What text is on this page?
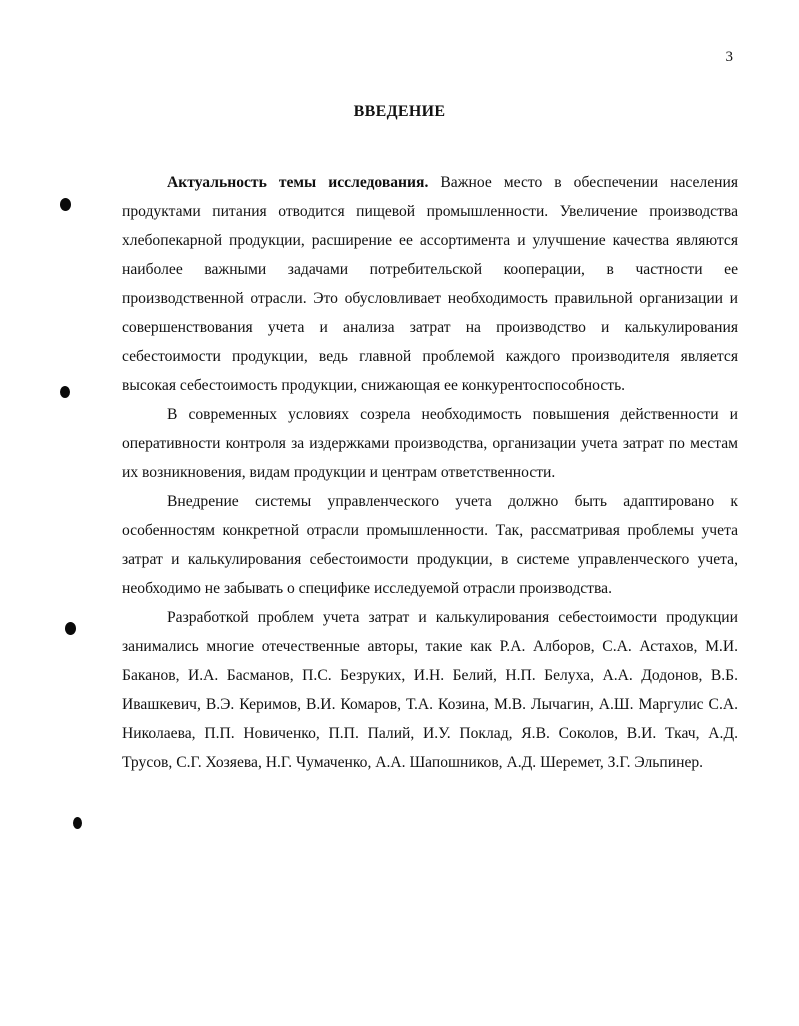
3
ВВЕДЕНИЕ

Актуальность темы исследования. Важное место в обеспечении населения продуктами питания отводится пищевой промышленности. Увеличение производства хлебопекарной продукции, расширение ее ассортимента и улучшение качества являются наиболее важными задачами потребительской кооперации, в частности ее производственной отрасли. Это обусловливает необходимость правильной организации и совершенствования учета и анализа затрат на производство и калькулирования себестоимости продукции, ведь главной проблемой каждого производителя является высокая себестоимость продукции, снижающая ее конкурентоспособность.

В современных условиях созрела необходимость повышения действенности и оперативности контроля за издержками производства, организации учета затрат по местам их возникновения, видам продукции и центрам ответственности.

Внедрение системы управленческого учета должно быть адаптировано к особенностям конкретной отрасли промышленности. Так, рассматривая проблемы учета затрат и калькулирования себестоимости продукции, в системе управленческого учета, необходимо не забывать о специфике исследуемой отрасли производства.

Разработкой проблем учета затрат и калькулирования себестоимости продукции занимались многие отечественные авторы, такие как Р.А. Алборов, С.А. Астахов, М.И. Баканов, И.А. Басманов, П.С. Безруких, И.Н. Белий, Н.П. Белуха, А.А. Додонов, В.Б. Ивашкевич, В.Э. Керимов, В.И. Комаров, Т.А. Козина, М.В. Лычагин, А.Ш. Маргулис С.А. Николаева, П.П. Новиченко, П.П. Палий, И.У. Поклад, Я.В. Соколов, В.И. Ткач, А.Д. Трусов, С.Г. Хозяева, Н.Г. Чумаченко, А.А. Шапошников, А.Д. Шеремет, З.Г. Эльпинер.
